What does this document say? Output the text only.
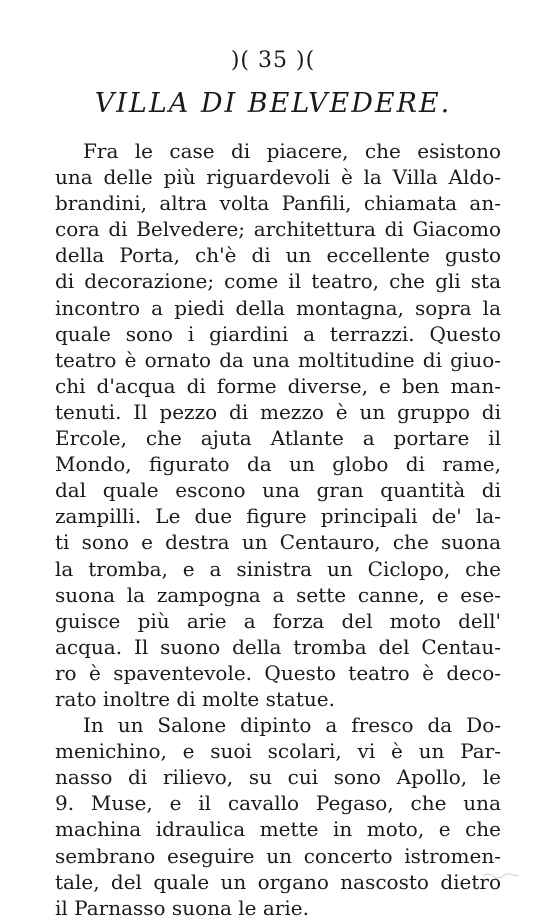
)( 35 )(
VILLA DI BELVEDERE.
Fra le case di piacere, che esistono
una delle più riguardevoli è la Villa Aldo-
brandini, altra volta Panfili, chiamata an-
cora di Belvedere; architettura di Giacomo
della Porta, ch'è di un eccellente gusto
di decorazione; come il teatro, che gli sta
incontro a piedi della montagna, sopra la
quale sono i giardini a terrazzi. Questo
teatro è ornato da una moltitudine di giuo-
chi d'acqua di forme diverse, e ben man-
tenuti. Il pezzo di mezzo è un gruppo di
Ercole, che ajuta Atlante a portare il
Mondo, figurato da un globo di rame,
dal quale escono una gran quantità di
zampilli. Le due figure principali de' la-
ti sono e destra un Centauro, che suona
la tromba, e a sinistra un Ciclopo, che
suona la zampogna a sette canne, e ese-
guisce più arie a forza del moto dell'
acqua. Il suono della tromba del Centau-
ro è spaventevole. Questo teatro è deco-
rato inoltre di molte statue.
In un Salone dipinto a fresco da Do-
menichino, e suoi scolari, vi è un Par-
nasso di rilievo, su cui sono Apollo, le
9. Muse, e il cavallo Pegaso, che una
machina idraulica mette in moto, e che
sembrano eseguire un concerto istromen-
tale, del quale un organo nascosto dietro
il Parnasso suona le arie.
